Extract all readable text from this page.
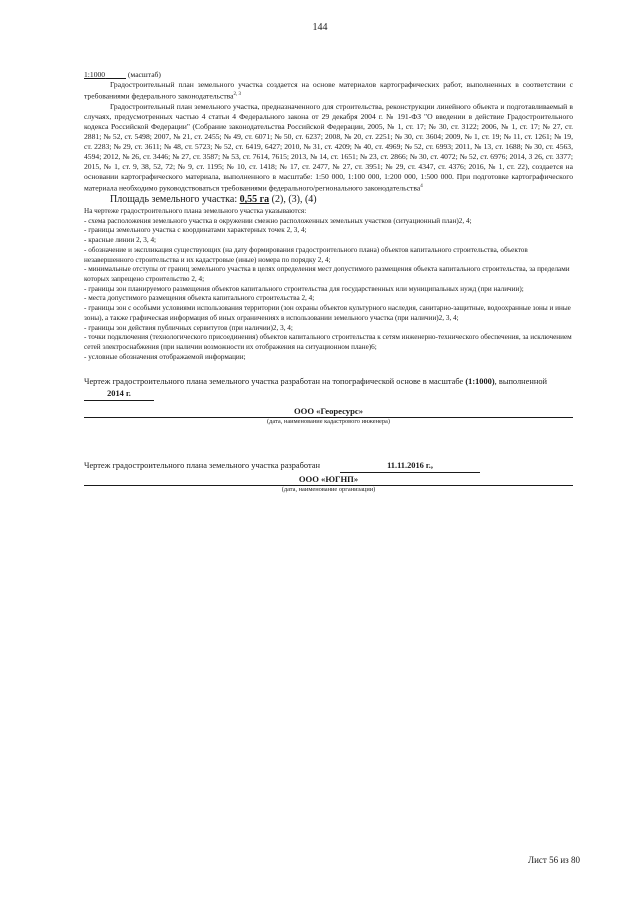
144
1:1000	(масштаб)
Градостроительный план земельного участка создается на основе материалов картографических работ, выполненных в соответствии с требованиями федерального законодательства$^{2, 3}$
Градостроительный план земельного участка, предназначенного для строительства, реконструкции линейного объекта и подготавливаемый в случаях, предусмотренных частью 4 статьи 4 Федерального закона от 29 декабря 2004 г. № 191-ФЗ "О введении в действие Градостроительного кодекса Российской Федерации" (Собрание законодательства Российской Федерации, 2005, № 1, ст. 17; № 30, ст. 3122; 2006, № 1, ст. 17; № 27, ст. 2881; № 52, ст. 5498; 2007, № 21, ст. 2455; № 49, ст. 6071; № 50, ст. 6237; 2008, № 20, ст. 2251; № 30, ст. 3604; 2009, № 1, ст. 19; № 11, ст. 1261; № 19, ст. 2283; № 29, ст. 3611; № 48, ст. 5723; № 52, ст. 6419, 6427; 2010, № 31, ст. 4209; № 40, ст. 4969; № 52, ст. 6993; 2011, № 13, ст. 1688; № 30, ст. 4563, 4594; 2012, № 26, ст. 3446; № 27, ст. 3587; № 53, ст. 7614, 7615; 2013, № 14, ст. 1651; № 23, ст. 2866; № 30, ст. 4072; № 52, ст. 6976; 2014, 3 26, ст. 3377; 2015, № 1, ст. 9, 38, 52, 72; № 9, ст. 1195; № 10, ст. 1418; № 17, ст. 2477, № 27, ст. 3951; № 29, ст. 4347, ст. 4376; 2016, № 1, ст. 22), создается на основании картографического материала, выполненного в масштабе: 1:50 000, 1:100 000, 1:200 000, 1:500 000. При подготовке картографического материала необходимо руководствоваться требованиями федерального/регионального законодательства$^4$
Площадь земельного участка: 0,55 га (2), (3), (4)
На чертеже градостроительного плана земельного участка указываются:
- схема расположения земельного участка в окружении смежно расположенных земельных участков (ситуационный план)2, 4;
- границы земельного участка с координатами характерных точек 2, 3, 4;
- красные линии 2, 3, 4;
- обозначение и экспликация существующих (на дату формирования градостроительного плана) объектов капитального строительства, объектов незавершенного строительства и их кадастровые (иные) номера по порядку 2, 4;
- минимальные отступы от границ земельного участка в целях определения мест допустимого размещения объекта капитального строительства, за пределами которых запрещено строительство 2, 4;
- границы зон планируемого размещения объектов капитального строительства для государственных или муниципальных нужд (при наличии);
- места допустимого размещения объекта капитального строительства 2, 4;
- границы зон с особыми условиями использования территории (зон охраны объектов культурного наследия, санитарно-защитные, водоохранные зоны и иные зоны), а также графическая информация об иных ограничениях в использовании земельного участка (при наличии)2, 3, 4;
- границы зон действия публичных сервитутов (при наличии)2, 3, 4;
- точки подключения (технологического присоединения) объектов капитального строительства к сетям инженерно-технического обеспечения, за исключением сетей электроснабжения (при наличии возможности их отображения на ситуационном плане)6;
- условные обозначения отображаемой информации;
Чертеж градостроительного плана земельного участка разработан на топографической основе в масштабе (1:1000), выполненной 2014 г.
ООО «Георесурс»
(дата, наименование кадастрового инженера)
Чертеж градостроительного плана земельного участка разработан	11.11.2016 г.,
ООО «ЮГНП»
(дата, наименование организации)
Лист 56 из 80
